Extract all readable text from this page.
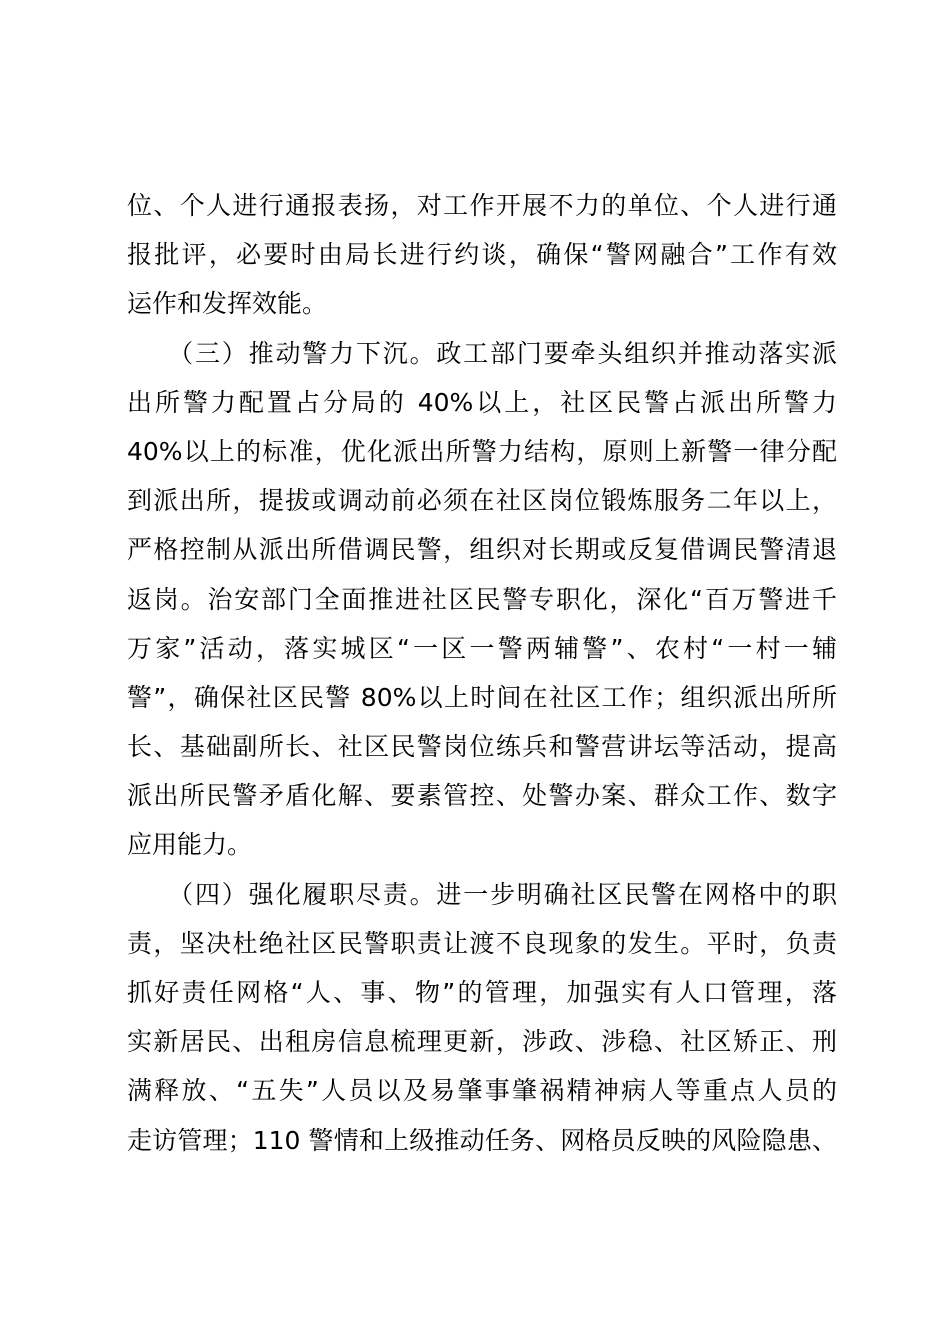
位、个人进行通报表扬，对工作开展不力的单位、个人进行通
报批评，必要时由局长进行约谈，确保“警网融合”工作有效
运作和发挥效能。
　　（三）推动警力下沉。政工部门要牵头组织并推动落实派
出所警力配置占分局的 40%以上，社区民警占派出所警力
40%以上的标准，优化派出所警力结构，原则上新警一律分配
到派出所，提拔或调动前必须在社区岗位锻炼服务二年以上，
严格控制从派出所借调民警，组织对长期或反复借调民警清退
返岗。治安部门全面推进社区民警专职化，深化“百万警进千
万家”活动，落实城区“一区一警两辅警”、农村“一村一辅
警”，确保社区民警 80%以上时间在社区工作；组织派出所所
长、基础副所长、社区民警岗位练兵和警营讲坛等活动，提高
派出所民警矛盾化解、要素管控、处警办案、群众工作、数字
应用能力。
　　（四）强化履职尽责。进一步明确社区民警在网格中的职
责，坚决杜绝社区民警职责让渡不良现象的发生。平时，负责
抓好责任网格“人、事、物”的管理，加强实有人口管理，落
实新居民、出租房信息梳理更新，涉政、涉稳、社区矫正、刑
满释放、“五失”人员以及易肇事肇祸精神病人等重点人员的
走访管理；110 警情和上级推动任务、网格员反映的风险隐患、
